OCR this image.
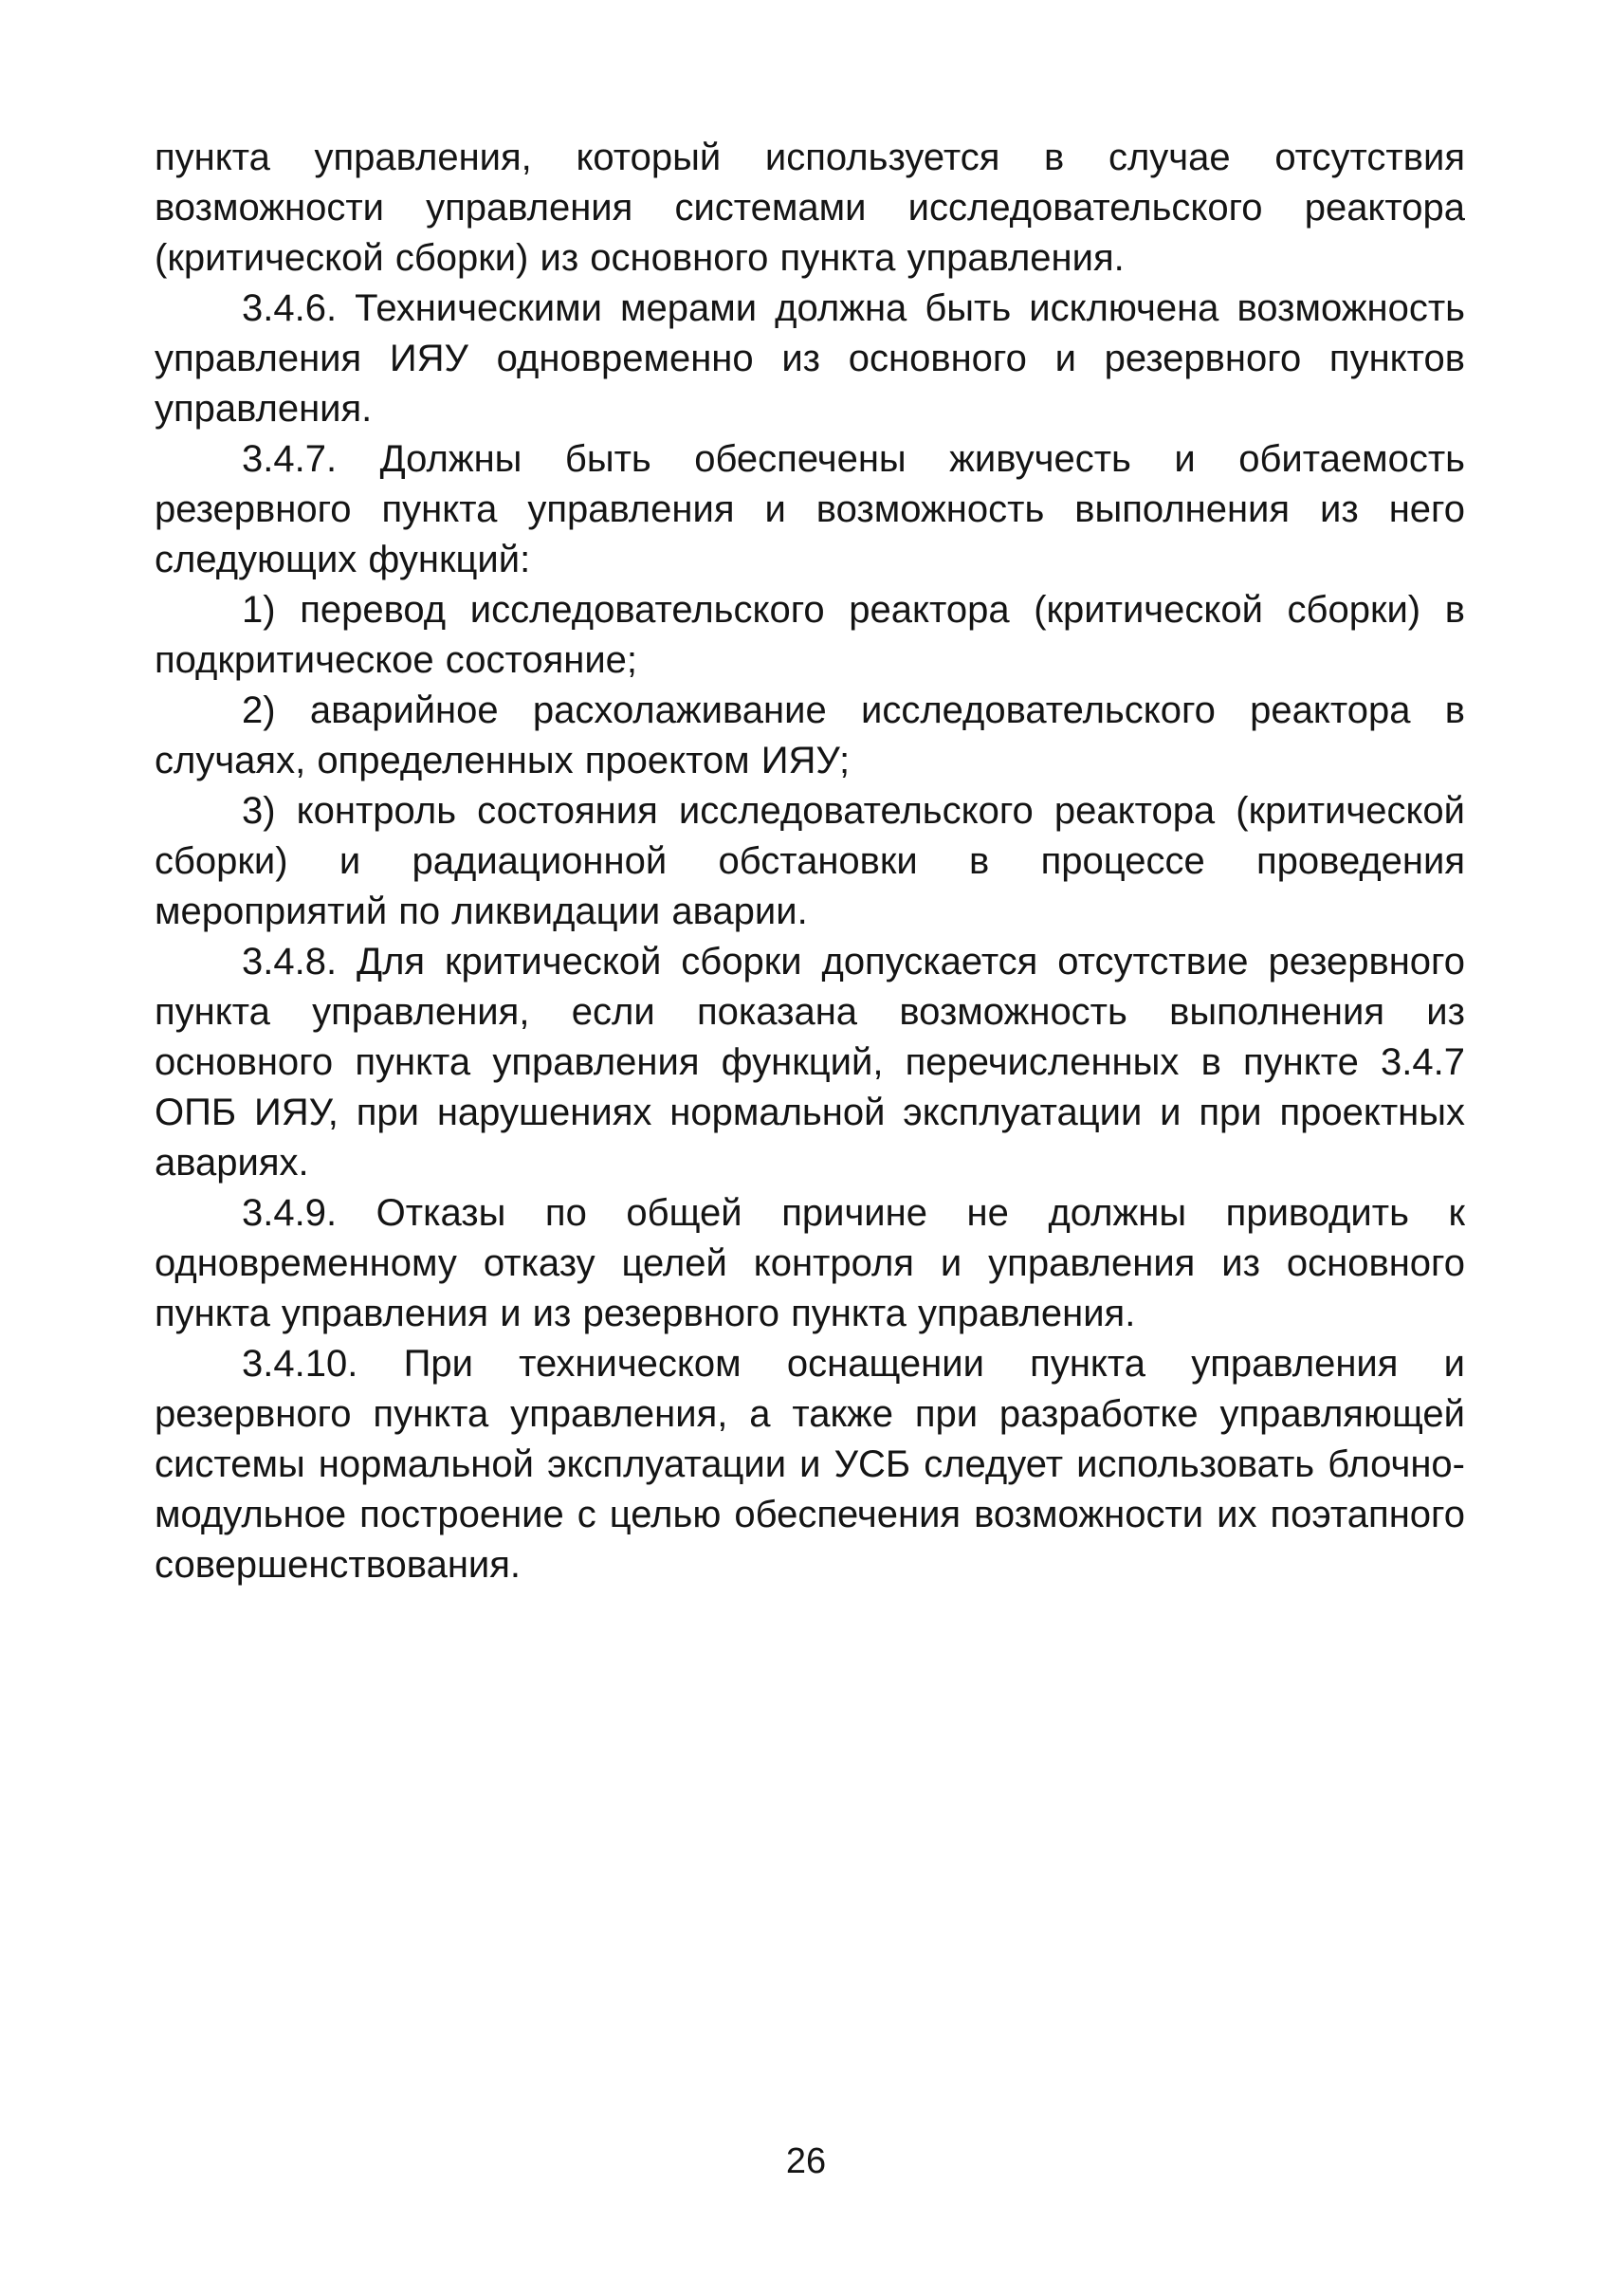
пункта управления, который используется в случае отсутствия возможности управления системами исследовательского реактора (критической сборки) из основного пункта управления.

3.4.6. Техническими мерами должна быть исключена возможность управления ИЯУ одновременно из основного и резервного пунктов управления.

3.4.7. Должны быть обеспечены живучесть и обитаемость резервного пункта управления и возможность выполнения из него следующих функций:

1) перевод исследовательского реактора (критической сборки) в подкритическое состояние;

2) аварийное расхолаживание исследовательского реактора в случаях, определенных проектом ИЯУ;

3) контроль состояния исследовательского реактора (критической сборки) и радиационной обстановки в процессе проведения мероприятий по ликвидации аварии.

3.4.8. Для критической сборки допускается отсутствие резервного пункта управления, если показана возможность выполнения из основного пункта управления функций, перечисленных в пункте 3.4.7 ОПБ ИЯУ, при нарушениях нормальной эксплуатации и при проектных авариях.

3.4.9. Отказы по общей причине не должны приводить к одновременному отказу целей контроля и управления из основного пункта управления и из резервного пункта управления.

3.4.10. При техническом оснащении пункта управления и резервного пункта управления, а также при разработке управляющей системы нормальной эксплуатации и УСБ следует использовать блочно-модульное построение с целью обеспечения возможности их поэтапного совершенствования.

26
